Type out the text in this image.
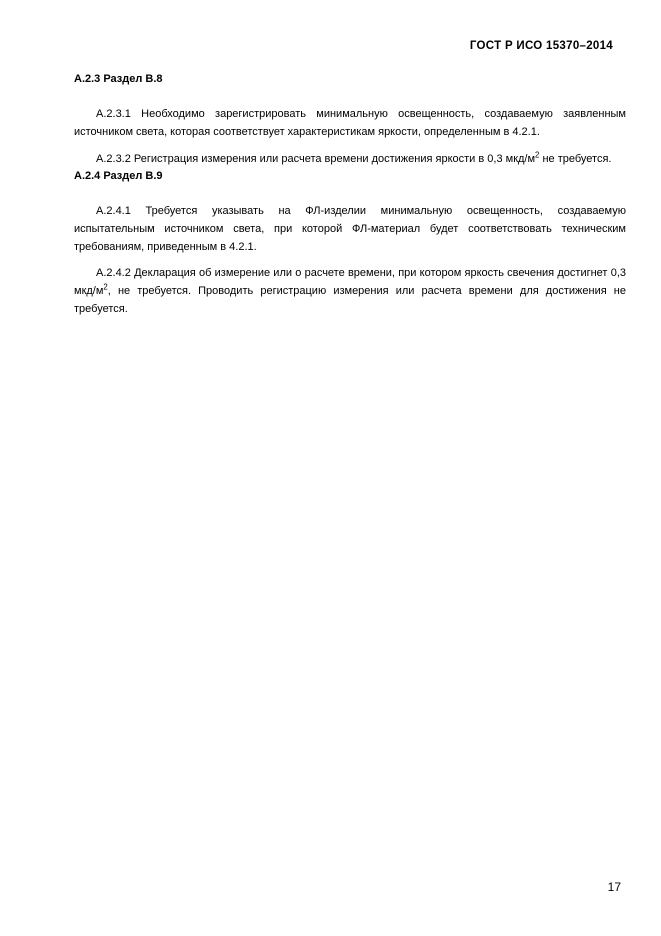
ГОСТ Р ИСО 15370–2014
А.2.3 Раздел В.8

А.2.3.1 Необходимо зарегистрировать минимальную освещенность, создаваемую заявленным источником света, которая соответствует характеристикам яркости, определенным в 4.2.1.

А.2.3.2 Регистрация измерения или расчета времени достижения яркости в 0,3 мкд/$м^2$ не требуется.

А.2.4 Раздел В.9

А.2.4.1 Требуется указывать на ФЛ-изделии минимальную освещенность, создаваемую испытательным источником света, при которой ФЛ-материал будет соответствовать техническим требованиям, приведенным в 4.2.1.

А.2.4.2 Декларация об измерение или о расчете времени, при котором яркость свечения достигнет 0,3 мкд/$м^2$, не требуется. Проводить регистрацию измерения или расчета времени для достижения не требуется.

17
